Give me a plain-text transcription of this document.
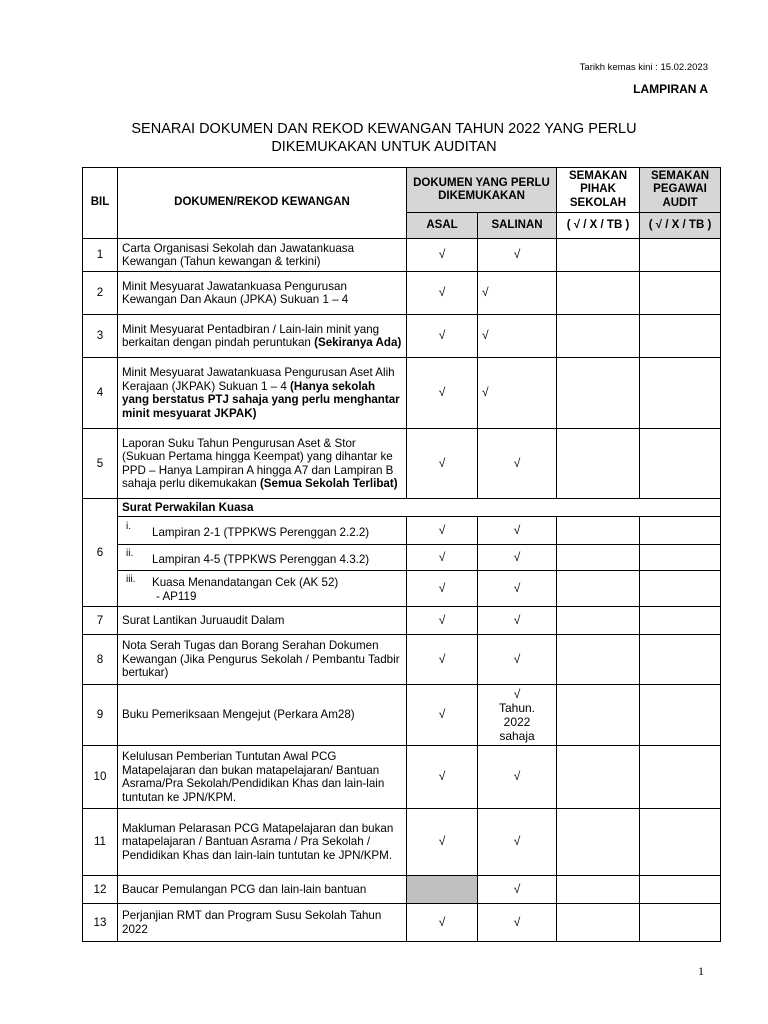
Tarikh kemas kini : 15.02.2023
LAMPIRAN A
SENARAI DOKUMEN DAN REKOD KEWANGAN TAHUN 2022 YANG PERLU
DIKEMUKAKAN UNTUK AUDITAN
BIL	DOKUMEN/REKOD KEWANGAN	DOKUMEN YANG PERLU DIKEMUKAKAN		SEMAKAN PIHAK SEKOLAH	SEMAKAN PEGAWAI AUDIT
		ASAL	SALINAN	( √ / X / TB )	( √ / X / TB )
1	Carta Organisasi Sekolah dan Jawatankuasa Kewangan (Tahun kewangan & terkini)	√	√		
2	Minit Mesyuarat Jawatankuasa Pengurusan Kewangan Dan Akaun (JPKA) Sukuan 1 – 4	√	√		
3	Minit Mesyuarat Pentadbiran / Lain-lain minit yang berkaitan dengan pindah peruntukan (Sekiranya Ada)	√	√		
4	Minit Mesyuarat Jawatankuasa Pengurusan Aset Alih Kerajaan (JKPAK) Sukuan 1 – 4 (Hanya sekolah yang berstatus PTJ sahaja yang perlu menghantar minit mesyuarat JKPAK)	√	√		
5	Laporan Suku Tahun Pengurusan Aset & Stor (Sukuan Pertama hingga Keempat) yang dihantar ke PPD – Hanya Lampiran A hingga A7 dan Lampiran B sahaja perlu dikemukakan (Semua Sekolah Terlibat)	√	√		
6	Surat Perwakilan Kuasa				

	i. Lampiran 2-1 (TPPKWS Perenggan 2.2.2)	√	√		

	ii. Lampiran 4-5 (TPPKWS Perenggan 4.3.2)	√	√		

	iii. Kuasa Menandatangan Cek (AK 52)
- AP119	√	√		
7	Surat Lantikan Juruaudit Dalam	√	√		
8	Nota Serah Tugas dan Borang Serahan Dokumen Kewangan (Jika Pengurus Sekolah / Pembantu Tadbir bertukar)	√	√		
9	Buku Pemeriksaan Mengejut (Perkara Am28)	√	√
Tahun. 2022 sahaja		

10	Kelulusan Pemberian Tuntutan Awal PCG Matapelajaran dan bukan matapelajaran/ Bantuan Asrama/Pra Sekolah/Pendidikan Khas dan lain-lain tuntutan ke JPN/KPM.	√	√		
11	Makluman Pelarasan PCG Matapelajaran dan bukan matapelajaran / Bantuan Asrama / Pra Sekolah / Pendidikan Khas dan lain-lain tuntutan ke JPN/KPM.	√	√		
12	Baucar Pemulangan PCG dan lain-lain bantuan		√		
13	Perjanjian RMT dan Program Susu Sekolah Tahun 2022	√	√		
1
